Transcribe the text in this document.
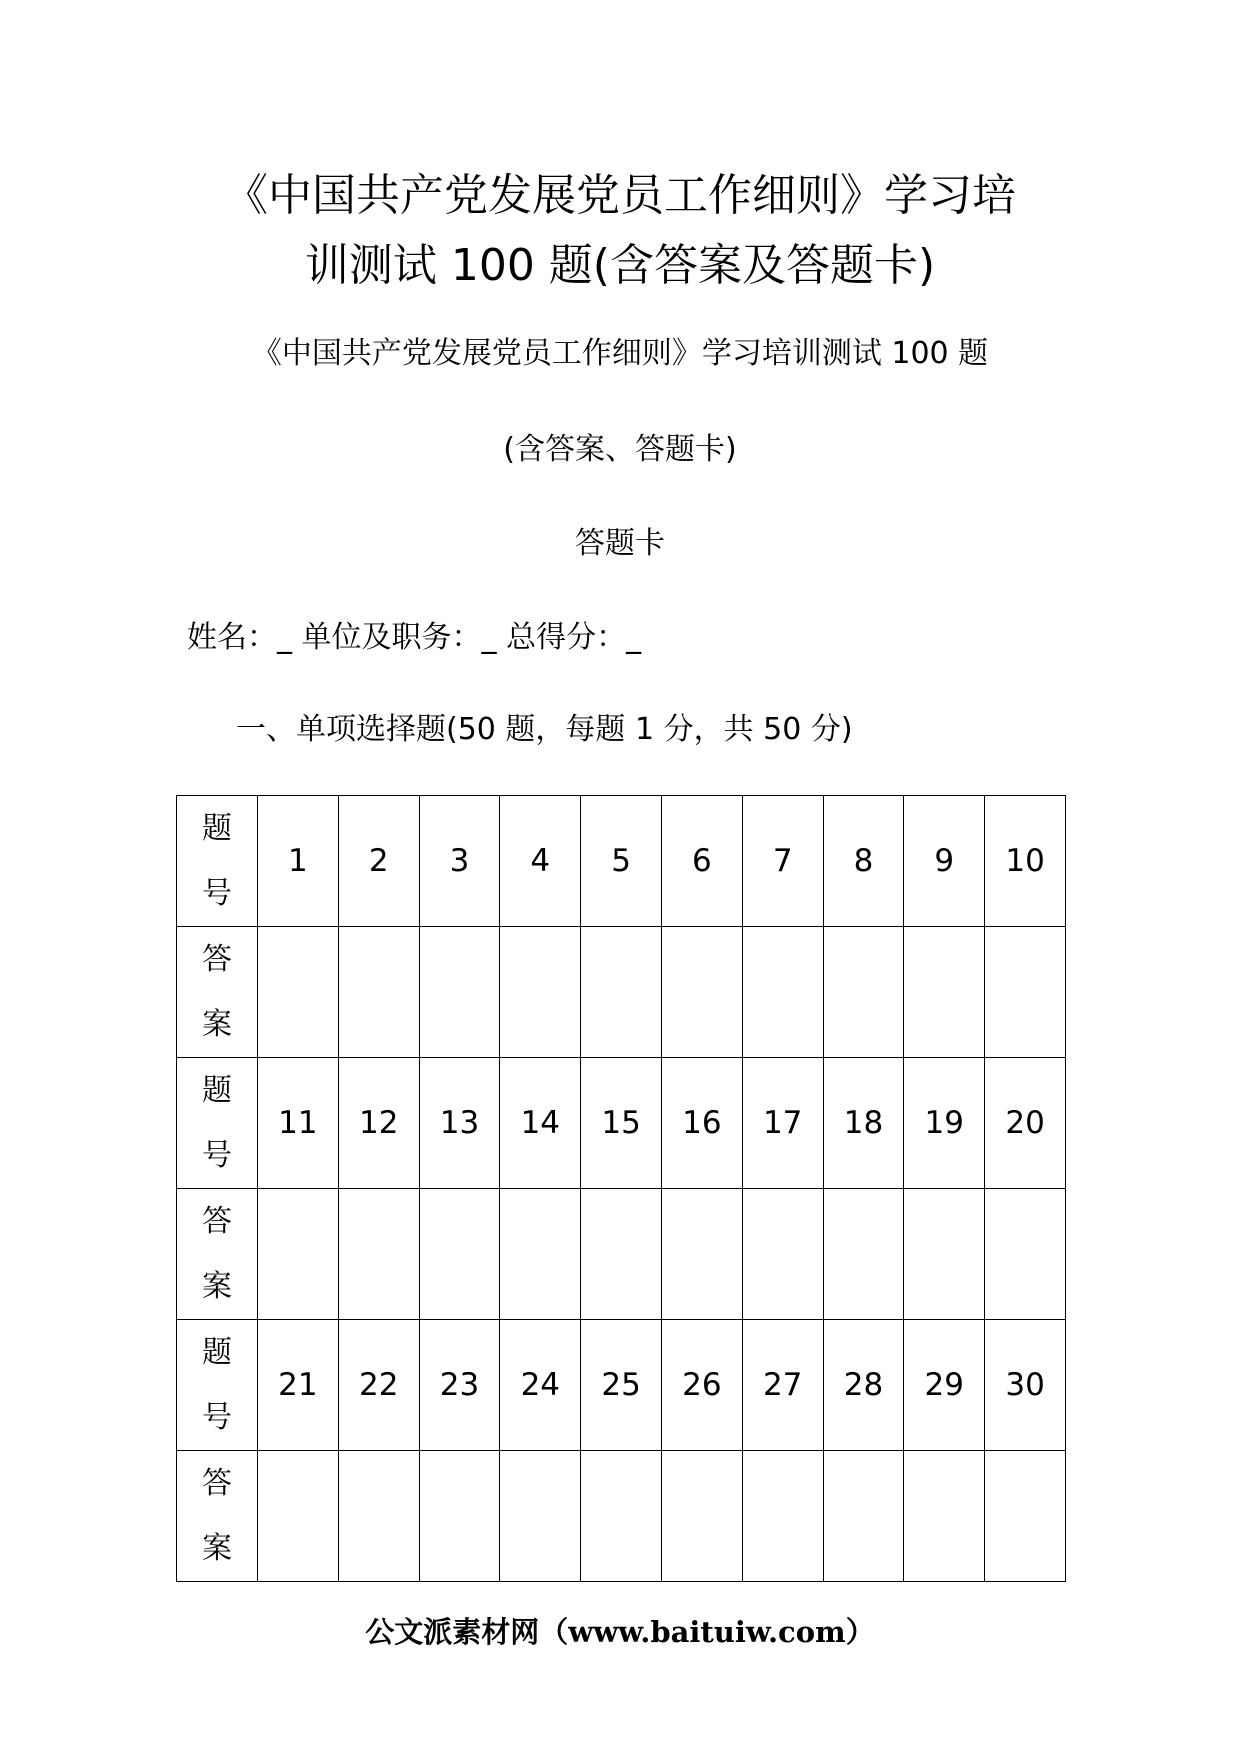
《中国共产党发展党员工作细则》学习培
训测试 100 题(含答案及答题卡)

《中国共产党发展党员工作细则》学习培训测试 100 题

(含答案、答题卡)

答题卡

姓名：_ 单位及职务：_ 总得分：_
一、单项选择题(50 题，每题 1 分，共 50 分)
题
号	1	2	3	4	5	6	7	8	9	10

答
案										

题
号	11	12	13	14	15	16	17	18	19	20

答
案										

题
号	21	22	23	24	25	26	27	28	29	30

答
案										

公文派素材网（www.baituiw.com）
